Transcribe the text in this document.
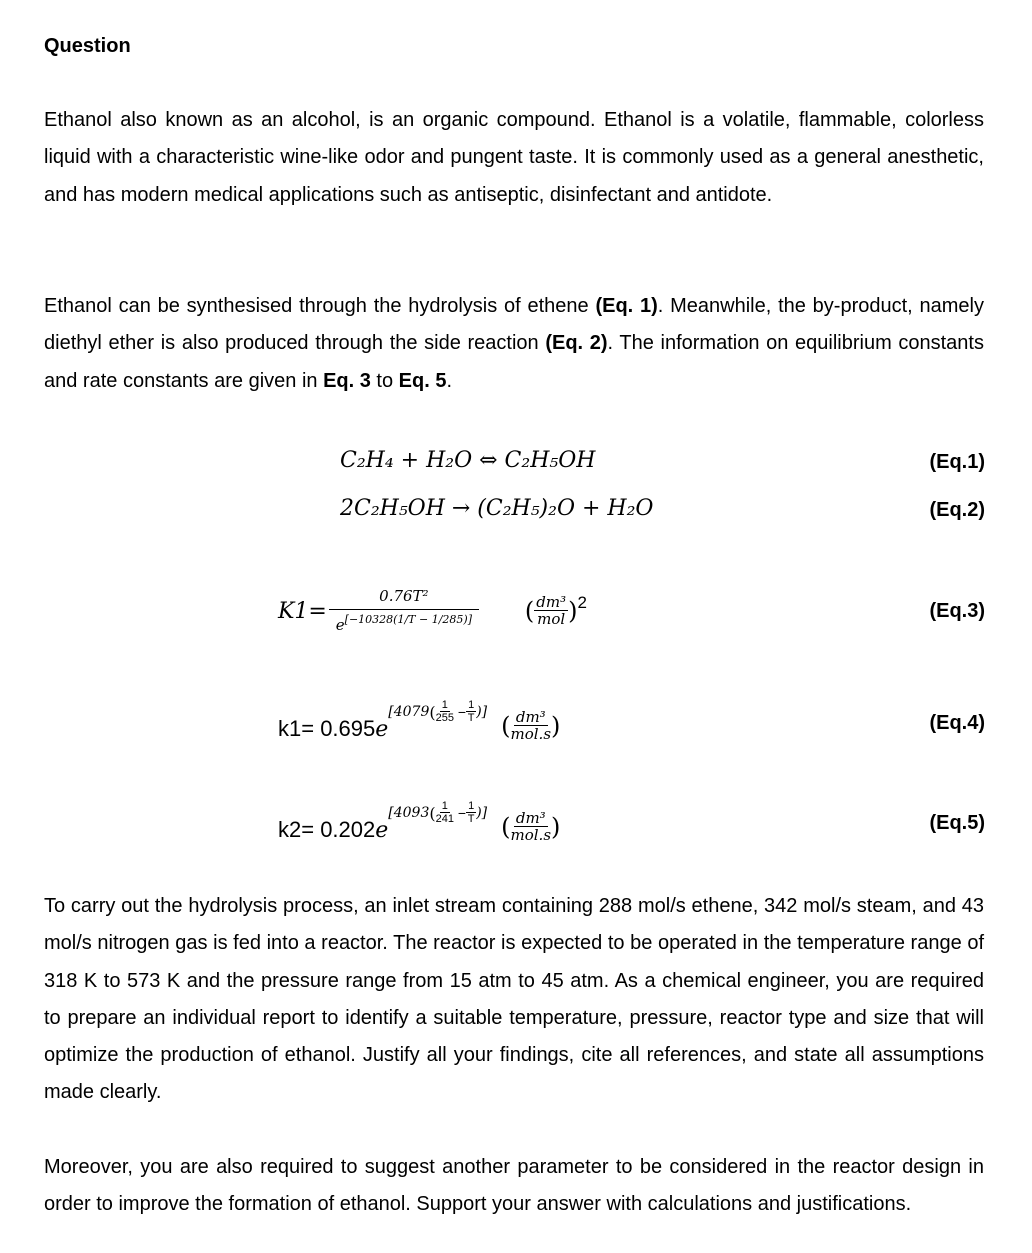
Question
Ethanol also known as an alcohol, is an organic compound. Ethanol is a volatile, flammable, colorless liquid with a characteristic wine-like odor and pungent taste. It is commonly used as a general anesthetic, and has modern medical applications such as antiseptic, disinfectant and antidote.
Ethanol can be synthesised through the hydrolysis of ethene (Eq. 1). Meanwhile, the by-product, namely diethyl ether is also produced through the side reaction (Eq. 2). The information on equilibrium constants and rate constants are given in Eq. 3 to Eq. 5.
C₂H₄ + H₂O ⇔ C₂H₅OH	(Eq.1)
2C₂H₅OH → (C₂H₅)₂O + H₂O	(Eq.2)
$K1= \frac{\text{0.76T²}}{e^{[-10328(1/T - 1/285)]}}$ ( $\frac{\text{dm³}}{\text{mol}}$ ) 2	(Eq.3)
k1= 0.695e
[4079 ( $\frac{1}{255} - \frac{1}{T}$ )] ( $\frac{\text{dm³}}{\text{mol.s}}$ )	(Eq.4)
k2= 0.202e
[4093 ( $\frac{1}{241} - \frac{1}{T}$ )] ( $\frac{\text{dm³}}{\text{mol.s}}$ )	(Eq.5)
To carry out the hydrolysis process, an inlet stream containing 288 mol/s ethene, 342 mol/s steam, and 43 mol/s nitrogen gas is fed into a reactor. The reactor is expected to be operated in the temperature range of 318 K to 573 K and the pressure range from 15 atm to 45 atm. As a chemical engineer, you are required to prepare an individual report to identify a suitable temperature, pressure, reactor type and size that will optimize the production of ethanol. Justify all your findings, cite all references, and state all assumptions made clearly.
Moreover, you are also required to suggest another parameter to be considered in the reactor design in order to improve the formation of ethanol. Support your answer with calculations and justifications.
